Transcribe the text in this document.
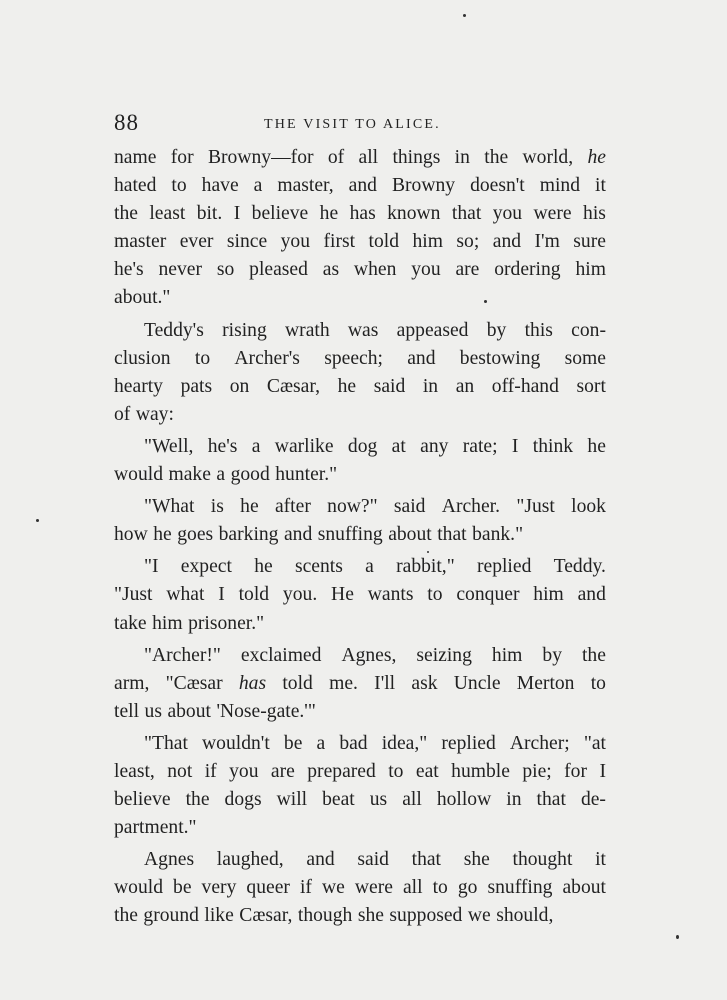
88	THE VISIT TO ALICE.
name for Browny—for of all things in the world, he
hated to have a master, and Browny doesn't mind it
the least bit. I believe he has known that you were his
master ever since you first told him so; and I'm sure
he's never so pleased as when you are ordering him
about."
Teddy's rising wrath was appeased by this con-
clusion to Archer's speech; and bestowing some
hearty pats on Cæsar, he said in an off-hand sort
of way:
"Well, he's a warlike dog at any rate; I think he
would make a good hunter."
"What is he after now?" said Archer. "Just look
how he goes barking and snuffing about that bank."
"I expect he scents a rabbit," replied Teddy.
"Just what I told you. He wants to conquer him and
take him prisoner."
"Archer!" exclaimed Agnes, seizing him by the
arm, "Cæsar has told me. I'll ask Uncle Merton to
tell us about 'Nose-gate.'"
"That wouldn't be a bad idea," replied Archer; "at
least, not if you are prepared to eat humble pie; for I
believe the dogs will beat us all hollow in that de-
partment."
Agnes laughed, and said that she thought it
would be very queer if we were all to go snuffing about
the ground like Cæsar, though she supposed we should,
